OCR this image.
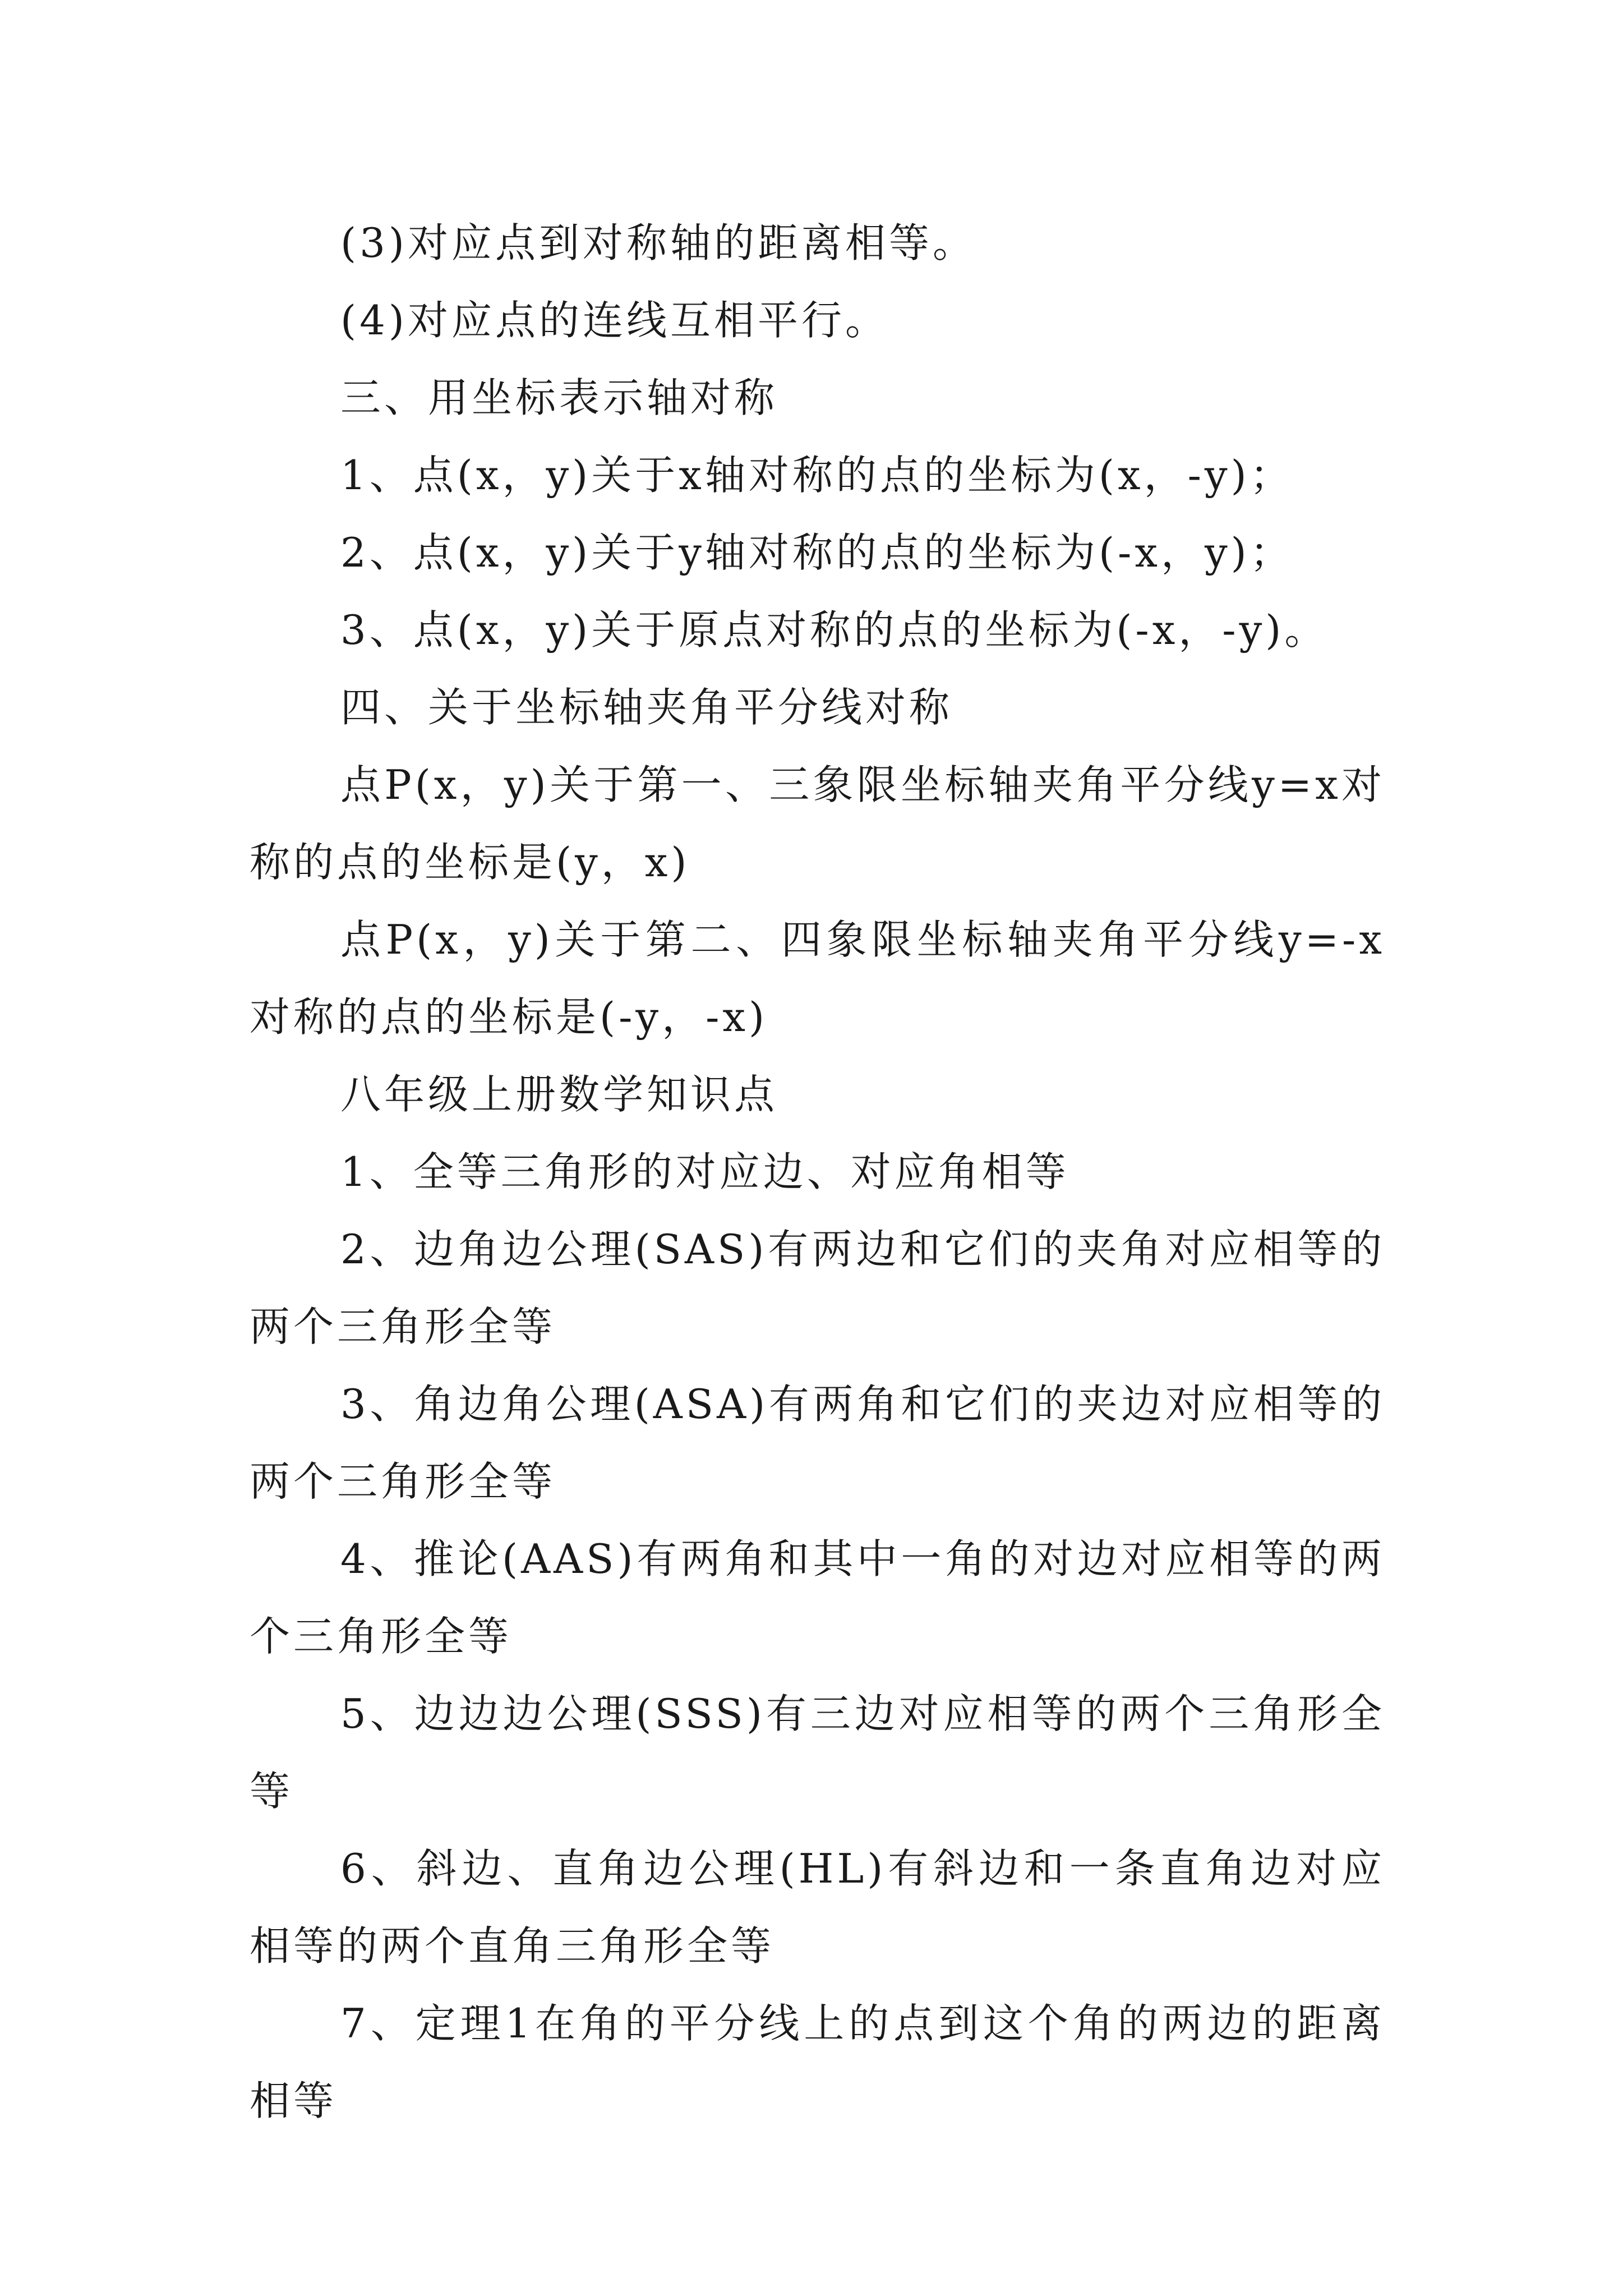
(3)对应点到对称轴的距离相等。

(4)对应点的连线互相平行。

三、用坐标表示轴对称

1、点(x，y)关于x轴对称的点的坐标为(x，-y)；

2、点(x，y)关于y轴对称的点的坐标为(-x，y)；

3、点(x，y)关于原点对称的点的坐标为(-x，-y)。

四、关于坐标轴夹角平分线对称

点P(x，y)关于第一、三象限坐标轴夹角平分线y=x对称的点的坐标是(y，x)

点P(x，y)关于第二、四象限坐标轴夹角平分线y=-x对称的点的坐标是(-y，-x)

八年级上册数学知识点

1、全等三角形的对应边、对应角相等

2、边角边公理(SAS)有两边和它们的夹角对应相等的两个三角形全等

3、角边角公理(ASA)有两角和它们的夹边对应相等的两个三角形全等

4、推论(AAS)有两角和其中一角的对边对应相等的两个三角形全等

5、边边边公理(SSS)有三边对应相等的两个三角形全等

6、斜边、直角边公理(HL)有斜边和一条直角边对应相等的两个直角三角形全等

7、定理1在角的平分线上的点到这个角的两边的距离相等
